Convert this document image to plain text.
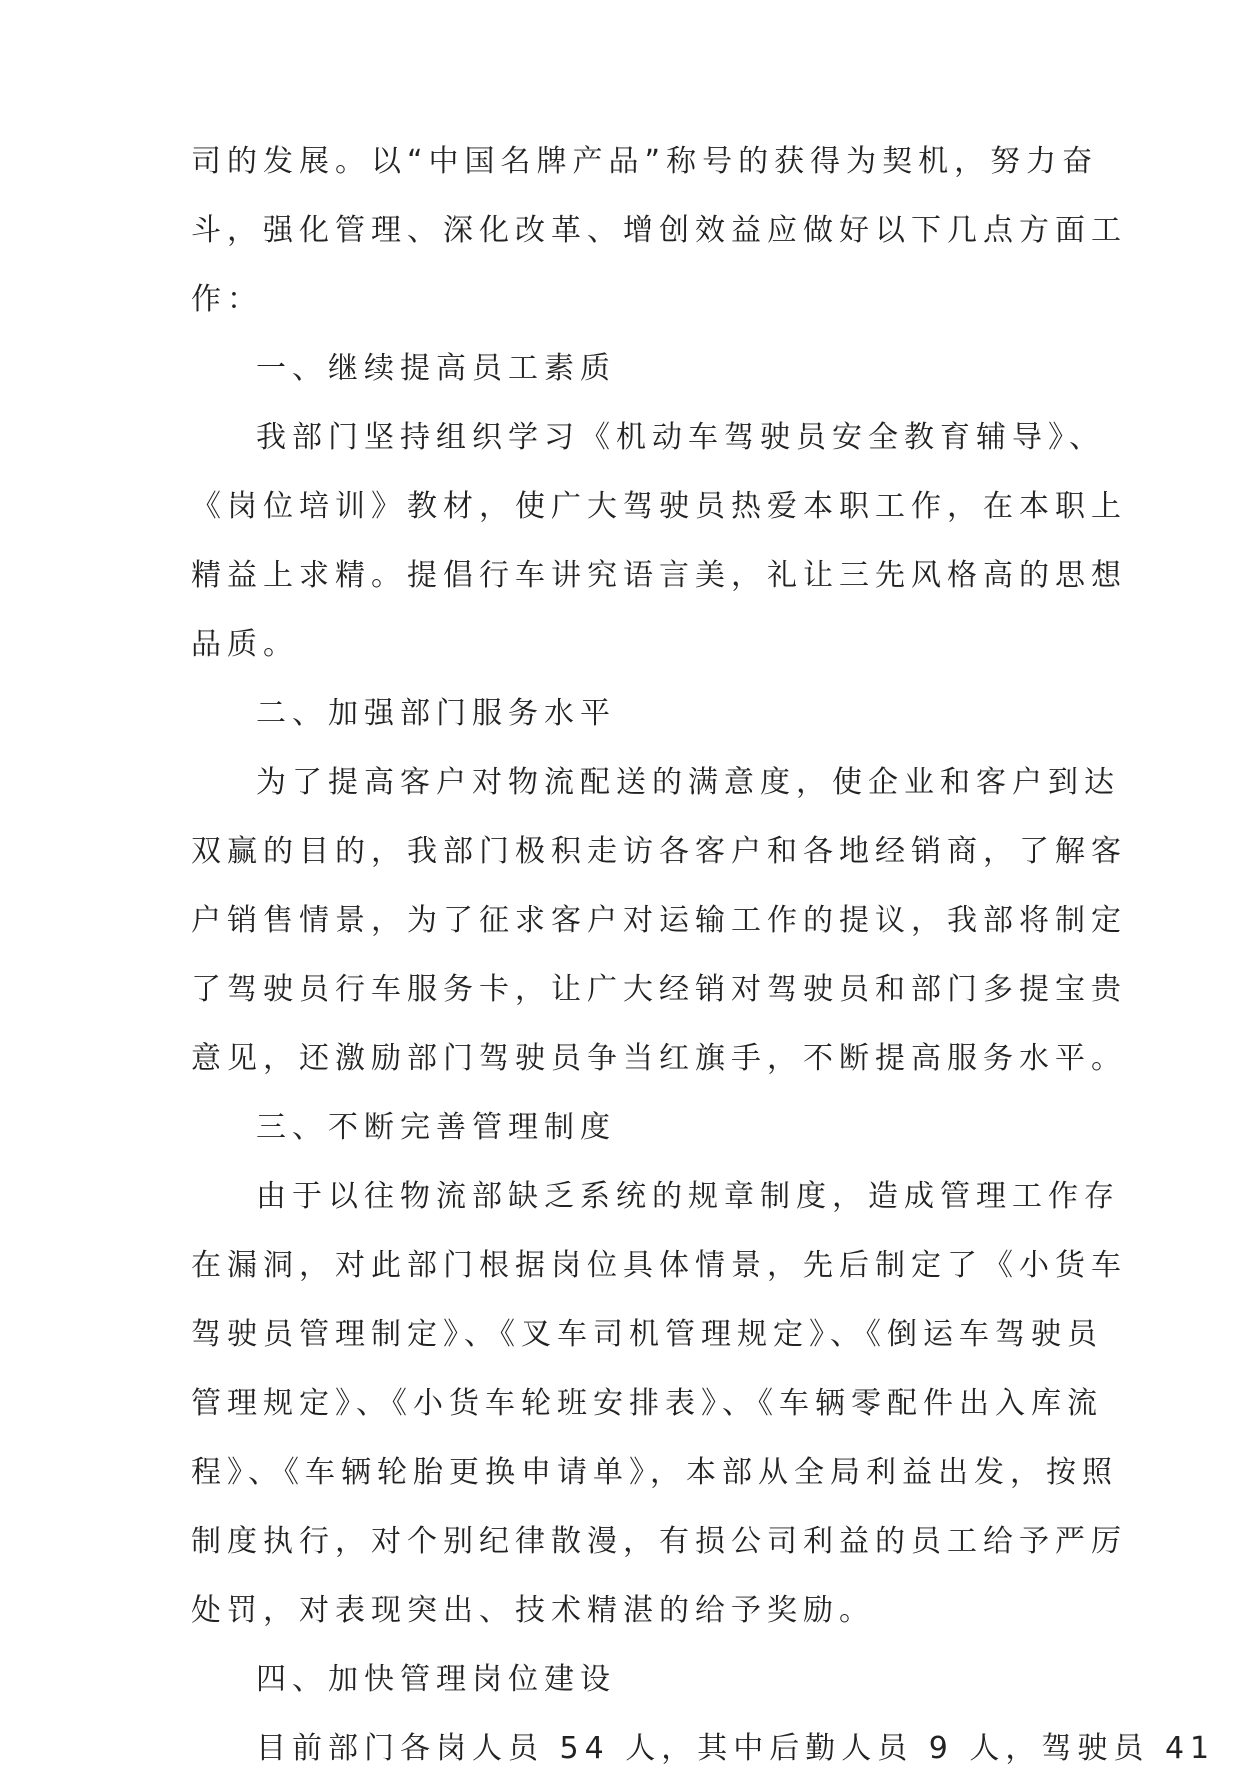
司的发展。以“中国名牌产品”称号的获得为契机，努力奋
斗，强化管理、深化改革、增创效益应做好以下几点方面工
作：
一、继续提高员工素质
我部门坚持组织学习《机动车驾驶员安全教育辅导》、
《岗位培训》教材，使广大驾驶员热爱本职工作，在本职上
精益上求精。提倡行车讲究语言美，礼让三先风格高的思想
品质。
二、加强部门服务水平
为了提高客户对物流配送的满意度，使企业和客户到达
双赢的目的，我部门极积走访各客户和各地经销商，了解客
户销售情景，为了征求客户对运输工作的提议，我部将制定
了驾驶员行车服务卡，让广大经销对驾驶员和部门多提宝贵
意见，还激励部门驾驶员争当红旗手，不断提高服务水平。
三、不断完善管理制度
由于以往物流部缺乏系统的规章制度，造成管理工作存
在漏洞，对此部门根据岗位具体情景，先后制定了《小货车
驾驶员管理制定》、《叉车司机管理规定》、《倒运车驾驶员
管理规定》、《小货车轮班安排表》、《车辆零配件出入库流
程》、《车辆轮胎更换申请单》，本部从全局利益出发，按照
制度执行，对个别纪律散漫，有损公司利益的员工给予严厉
处罚，对表现突出、技术精湛的给予奖励。
四、加快管理岗位建设
目前部门各岗人员 54 人，其中后勤人员 9 人，驾驶员 41
